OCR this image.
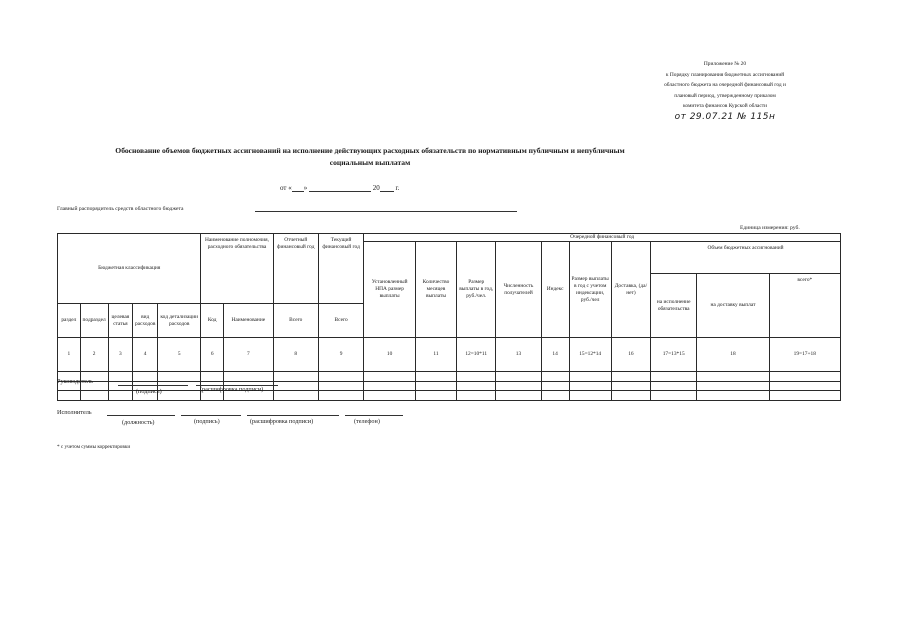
Приложение № 20
к Порядку планирования бюджетных ассигнований
областного бюджета на очередной финансовый год и
плановый период, утвержденному приказом
комитета финансов Курской области
от 29.07.21 № 115н
Обоснование объемов бюджетных ассигнований на исполнение действующих расходных обязательств по нормативным публичным и непубличным социальным выплатам
от « »	20 г.
Главный распорядитель средств областного бюджета
Единица измерения: руб.
Бюджетная классификация					Наименование полномочия, расходного обязательства		Отчетный финансовый год	Текущий финансовый год	Очередной финансовый год									
									Установленный НПА размер выплаты	Количество месяцев выплаты	Размер выплаты в год, руб./чел.	Численность получателей	Индекс	Размер выплаты в год с учетом индексации, руб./чел	Доставка, (да/нет)	Объем бюджетных ассигнований		
																на исполнение обязательства	на доставку выплат	всего*
раздел	подраздел	целевая статья	вид расходов	код детализации расходов	Код	Наименование	Всего	Всего										
1	2	3	4	5	6	7	8	9	10	11	12=10*11	13	14	15=12*14	16	17=13*15	18	19=17+18

Руководитель
(подпись)	(расшифровка подписи)
Исполнитель
(должность)	(подпись)	(расшифровка подписи)	(телефон)
* с учетом суммы корректировки
